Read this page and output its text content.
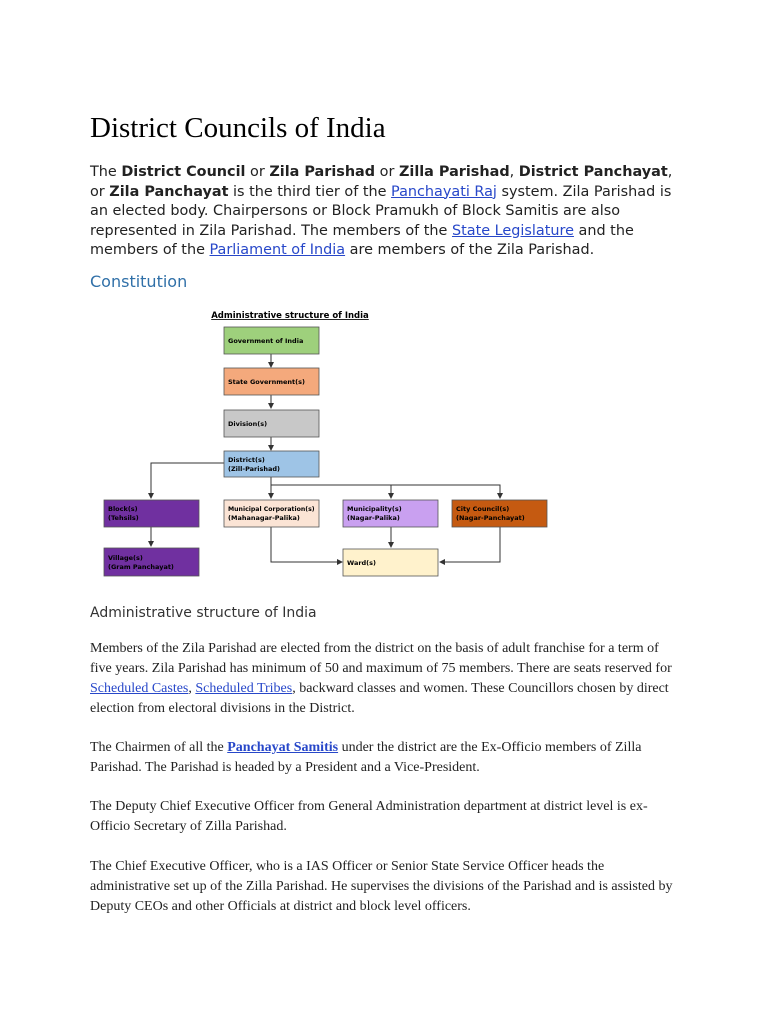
District Councils of India

The District Council or Zila Parishad or Zilla Parishad, District Panchayat, or Zila Panchayat is the third tier of the Panchayati Raj system. Zila Parishad is an elected body. Chairpersons or Block Pramukh of Block Samitis are also represented in Zila Parishad. The members of the State Legislature and the members of the Parliament of India are members of the Zila Parishad.

Constitution
Administrative structure of India
Government of India
State Government(s)
Division(s)
District(s)
(Zill-Parishad)
Block(s)
(Tehsils)
Municipal Corporation(s)
(Mahanagar-Palika)
Municipality(s)
(Nagar-Palika)
City Council(s)
(Nagar-Panchayat)
Village(s)
(Gram Panchayat)	Ward(s)

Administrative structure of India

Members of the Zila Parishad are elected from the district on the basis of adult franchise for a term of five years. Zila Parishad has minimum of 50 and maximum of 75 members. There are seats reserved for Scheduled Castes, Scheduled Tribes, backward classes and women. These Councillors chosen by direct election from electoral divisions in the District.

The Chairmen of all the Panchayat Samitis under the district are the Ex-Officio members of Zilla Parishad. The Parishad is headed by a President and a Vice-President.

The Deputy Chief Executive Officer from General Administration department at district level is ex-Officio Secretary of Zilla Parishad.

The Chief Executive Officer, who is a IAS Officer or Senior State Service Officer heads the administrative set up of the Zilla Parishad. He supervises the divisions of the Parishad and is assisted by Deputy CEOs and other Officials at district and block level officers.
